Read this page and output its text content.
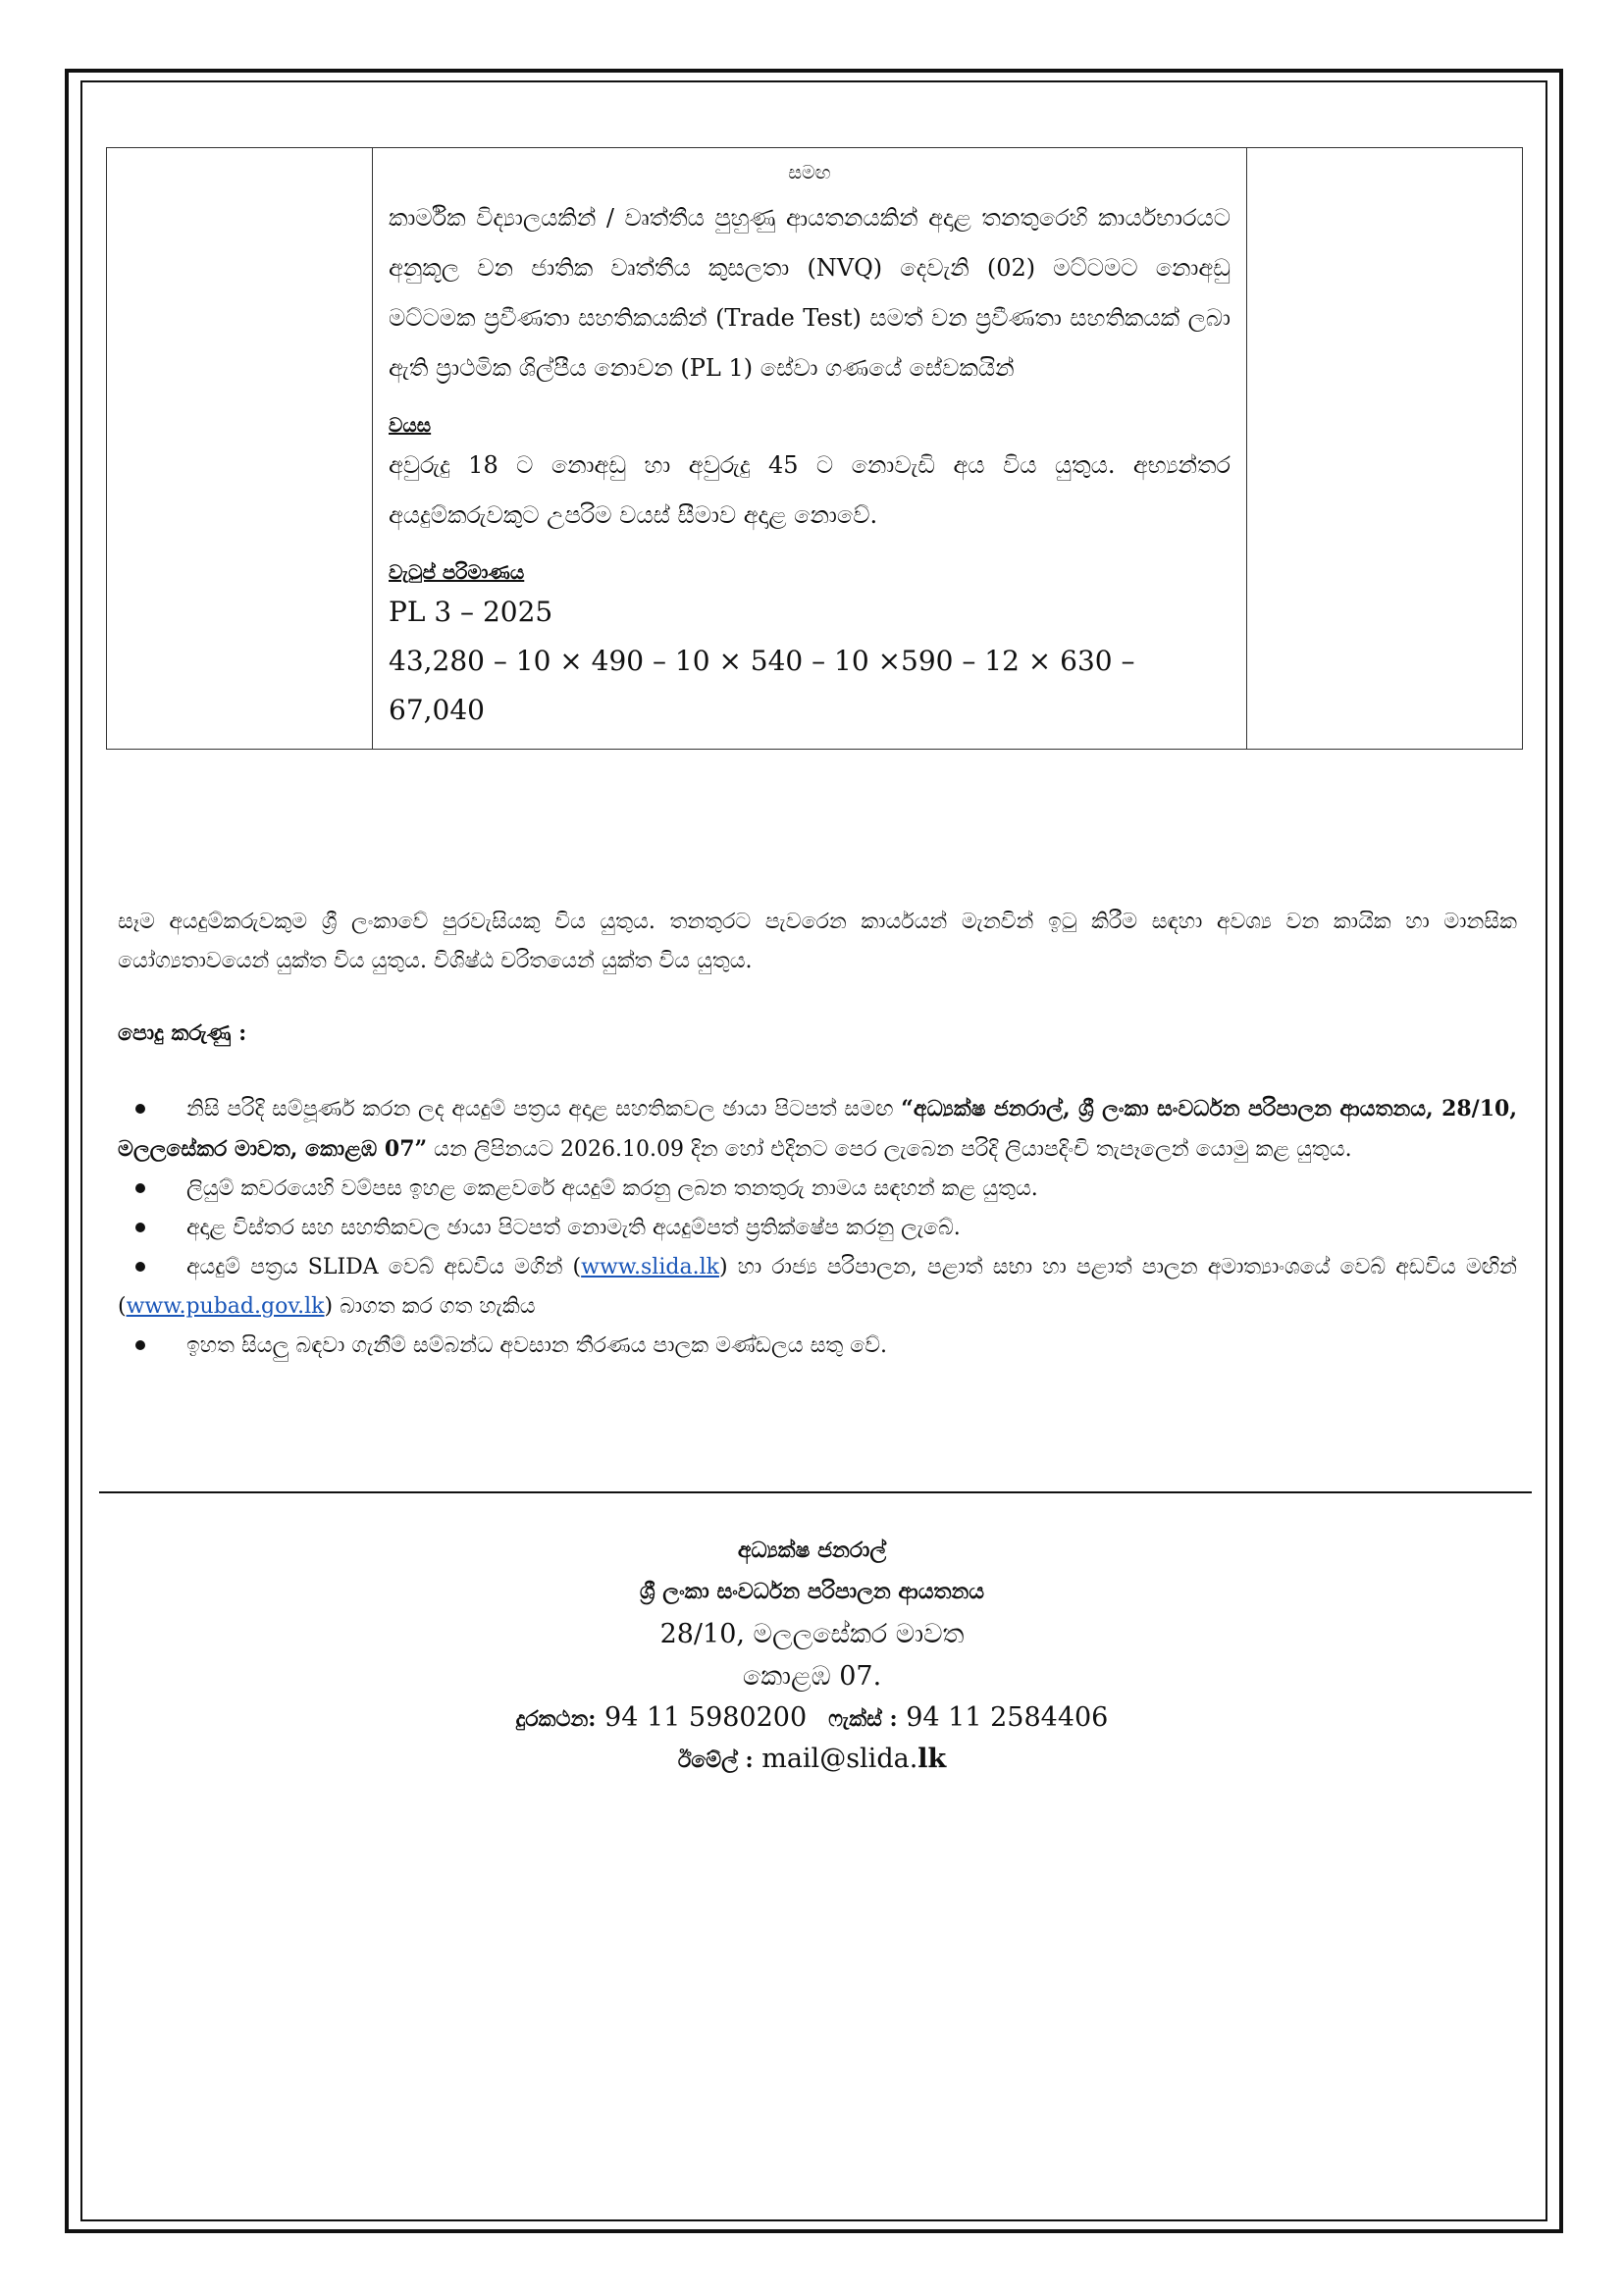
සමඟ

කාර්මික විද්‍යාලයකින් / වෘත්තීය පුහුණු ආයතනයකින් අදාළ තනතුරෙහි කාර්යභාරයට අනුකූල වන ජාතික වෘත්තීය කුසලතා (NVQ) දෙවැනි (02) මට්ටමට නොඅඩු මට්ටමක ප්‍රවීණතා සහතිකයකින් (Trade Test) සමත් වන ප්‍රවීණතා සහතිකයක් ලබා ඇති ප්‍රාථමික ශිල්පීය නොවන (PL 1) සේවා ගණයේ සේවකයින්

වයස

අවුරුදු 18 ට නොඅඩු හා අවුරුදු 45 ට නොවැඩි අය විය යුතුය. අභ්‍යන්තර අයදුම්කරුවකුට උපරිම වයස් සීමාව අදාළ නොවේ.

වැටුප් පරිමාණය

PL 3 – 2025

43,280 – 10 × 490 – 10 × 540 – 10 ×590 – 12 × 630 – 67,040

සෑම අයදුම්කරුවකුම ශ්‍රී ලංකාවේ පුරවැසියකු විය යුතුය. තනතුරට පැවරෙන කාර්යයන් මැනවින් ඉටු කිරීම සඳහා අවශ්‍ය වන කායික හා මානසික යෝග්‍යතාවයෙන් යුක්ත විය යුතුය. විශිෂ්ඨ චරිතයෙන් යුක්ත විය යුතුය.

පොදු කරුණු :

නිසි පරිදි සම්පූර්ණ කරන ලද අයදුම් පත්‍රය අදාළ සහතිකවල ඡායා පිටපත් සමඟ “අධ්‍යක්ෂ ජනරාල්, ශ්‍රී ලංකා සංවර්ධන පරිපාලන ආයතනය, 28/10, මලලසේකර මාවත, කොළඹ 07” යන ලිපිනයට 2026.10.09 දින හෝ එදිනට පෙර ලැබෙන පරිදි ලියාපදිංචි තැපෑලෙන් යොමු කළ යුතුය.
ලියුම් කවරයෙහි වම්පස ඉහළ කෙළවරේ අයදුම් කරනු ලබන තනතුරු නාමය සඳහන් කළ යුතුය.
අදාළ විස්තර සහ සහතිකවල ඡායා පිටපත් නොමැති අයදුම්පත් ප්‍රතික්ෂේප කරනු ලැබේ.
අයදුම් පත්‍රය SLIDA වෙබ් අඩවිය මගින් (www.slida.lk) හා රාජ්‍ය පරිපාලන, පළාත් සභා හා පළාත් පාලන අමාත්‍යාංශයේ වෙබ් අඩවිය මඟින් (www.pubad.gov.lk) බාගත කර ගත හැකිය
ඉහත සියලු බඳවා ගැනීම් සම්බන්ධ අවසාන තීරණය පාලක මණ්ඩලය සතු වේ.

අධ්‍යක්ෂ ජනරාල්

ශ්‍රී ලංකා සංවර්ධන පරිපාලන ආයතනය

28/10, මලලසේකර මාවත

කොළඹ 07.

දුරකථන: 94 11 5980200 ෆැක්ස් : 94 11 2584406

ඊමේල් : mail@slida.lk
